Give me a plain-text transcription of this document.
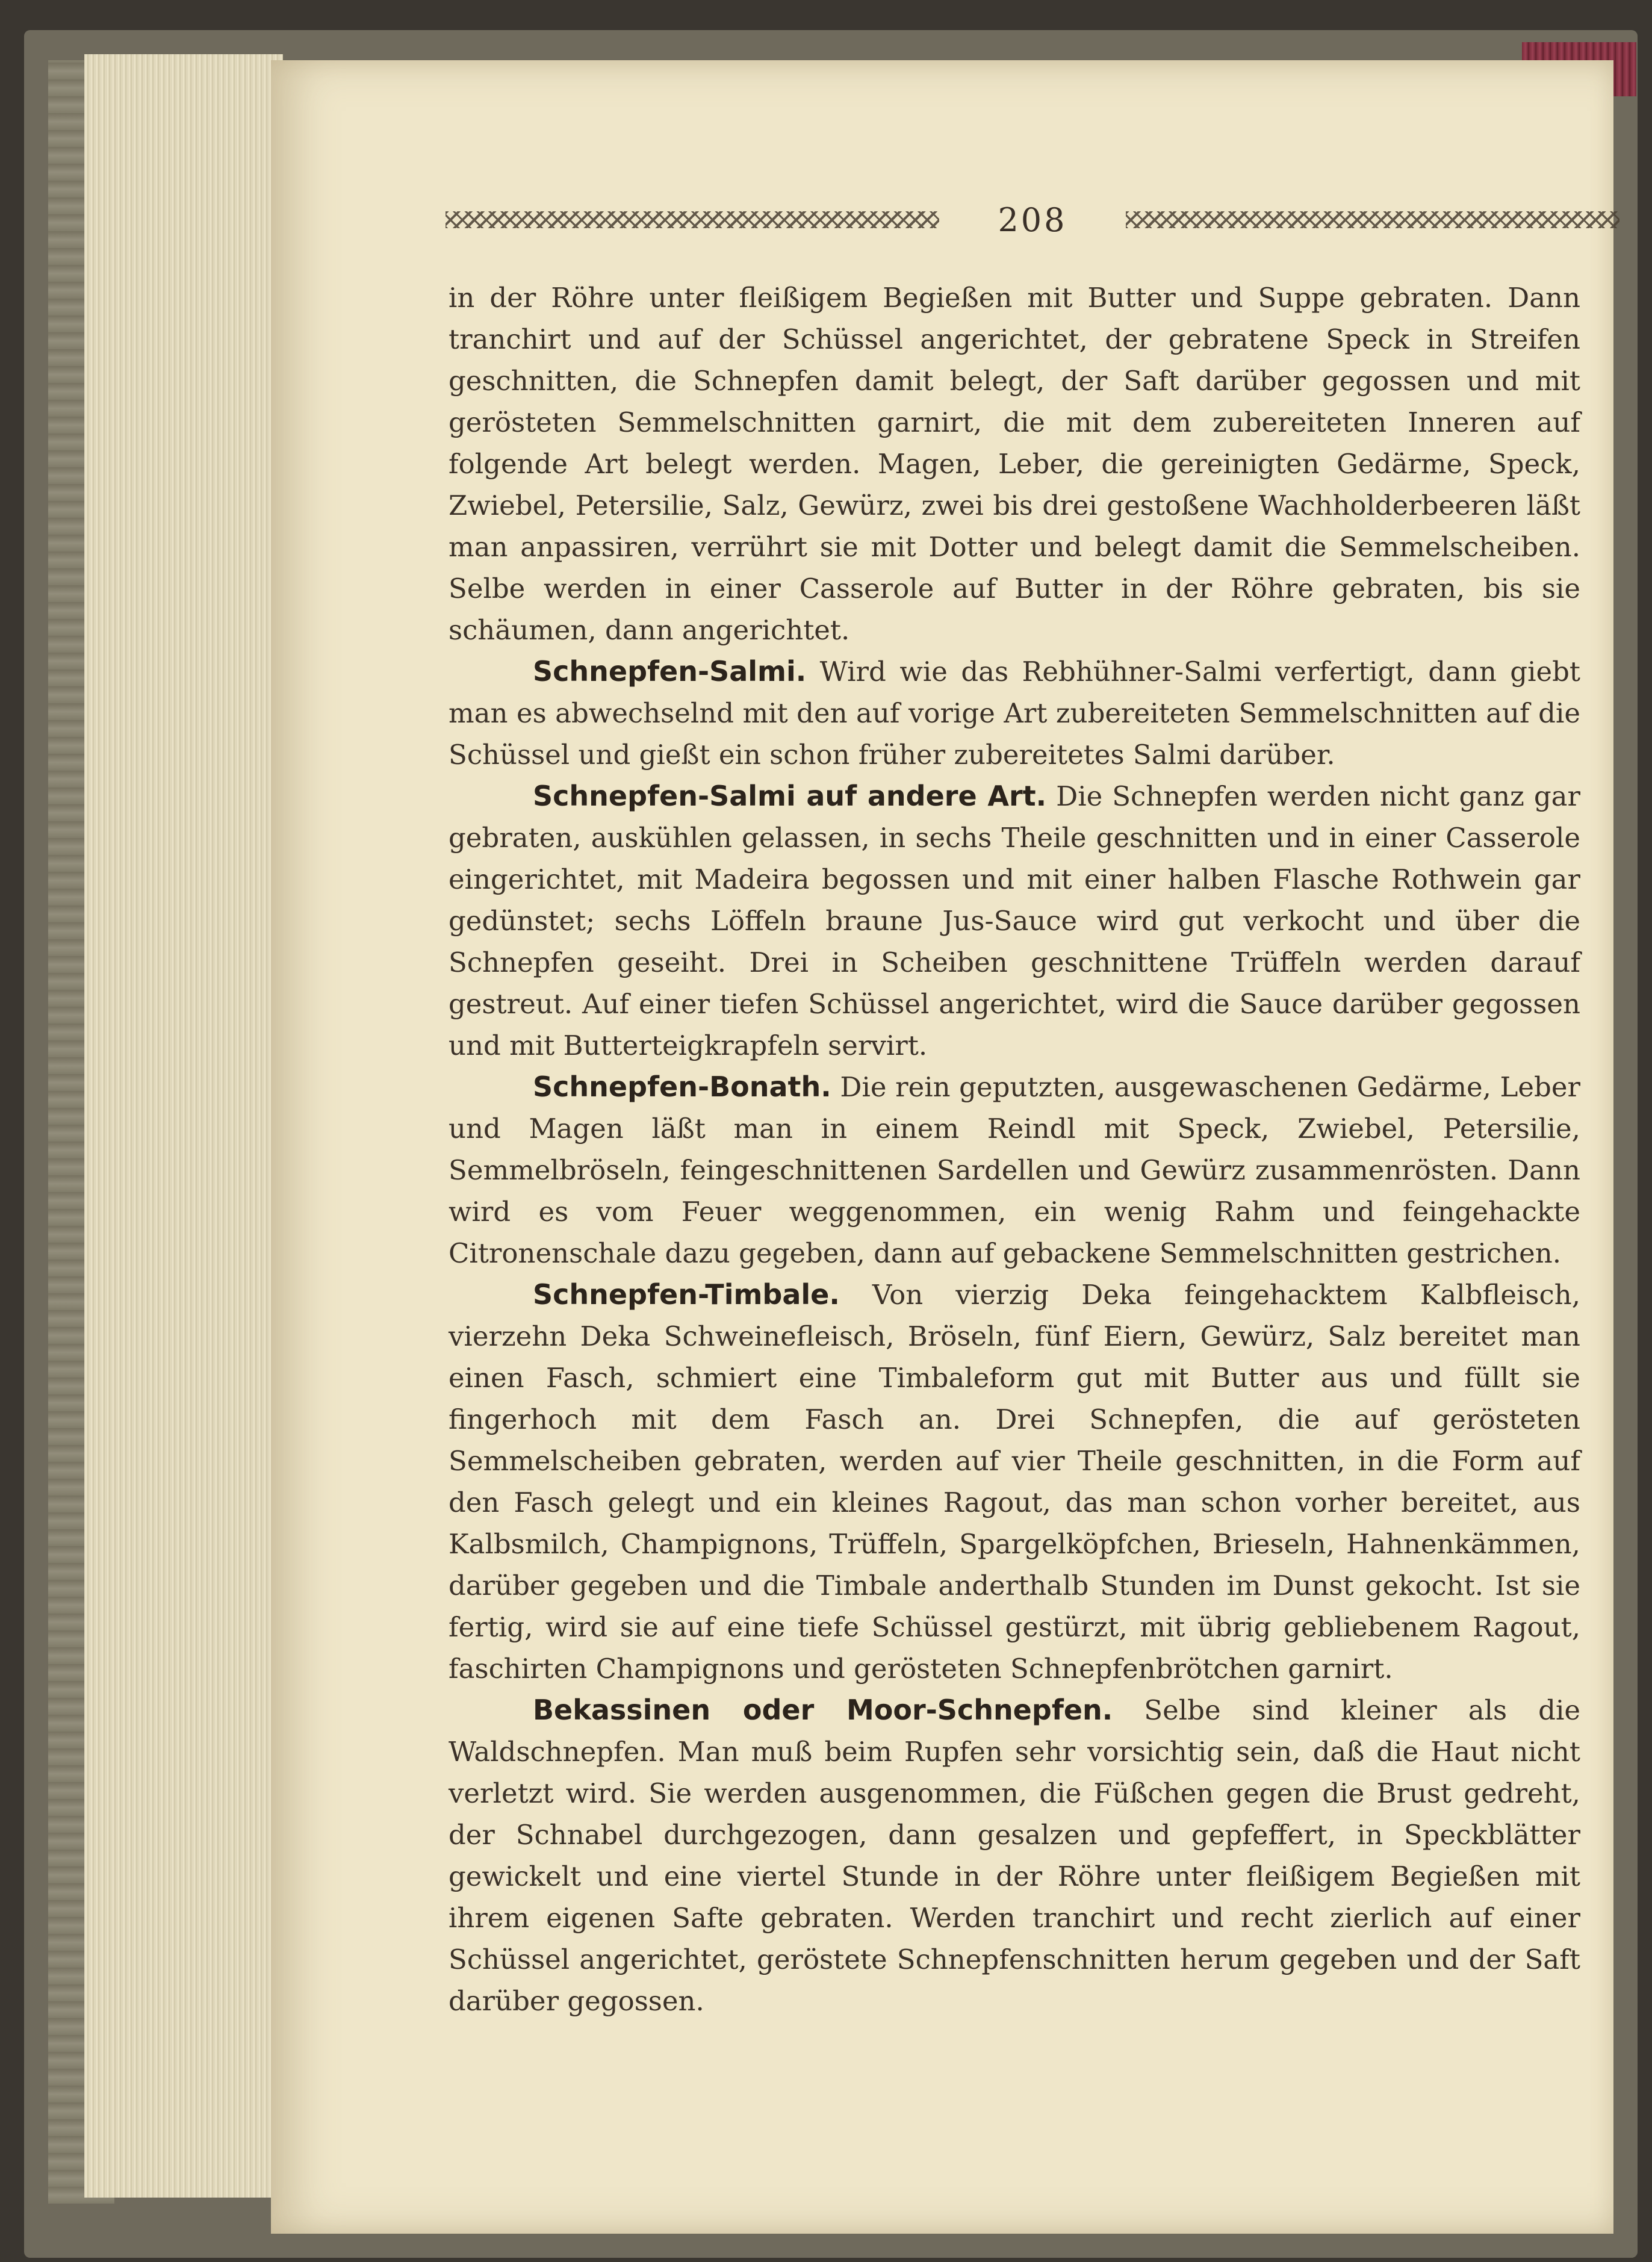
208

in der Röhre unter fleißigem Begießen mit Butter und Suppe gebraten. Dann tranchirt und auf der Schüssel angerichtet, der gebratene Speck in Streifen geschnitten, die Schnepfen damit belegt, der Saft darüber gegossen und mit gerösteten Semmelschnitten garnirt, die mit dem zubereiteten Inneren auf folgende Art belegt werden. Magen, Leber, die gereinigten Gedärme, Speck, Zwiebel, Petersilie, Salz, Gewürz, zwei bis drei gestoßene Wachholderbeeren läßt man anpassiren, verrührt sie mit Dotter und belegt damit die Semmelscheiben. Selbe werden in einer Casserole auf Butter in der Röhre gebraten, bis sie schäumen, dann angerichtet.

Schnepfen-Salmi. Wird wie das Rebhühner-Salmi verfertigt, dann giebt man es abwechselnd mit den auf vorige Art zubereiteten Semmelschnitten auf die Schüssel und gießt ein schon früher zubereitetes Salmi darüber.

Schnepfen-Salmi auf andere Art. Die Schnepfen werden nicht ganz gar gebraten, auskühlen gelassen, in sechs Theile geschnitten und in einer Casserole eingerichtet, mit Madeira begossen und mit einer halben Flasche Rothwein gar gedünstet; sechs Löffeln braune Jus-Sauce wird gut verkocht und über die Schnepfen geseiht. Drei in Scheiben geschnittene Trüffeln werden darauf gestreut. Auf einer tiefen Schüssel angerichtet, wird die Sauce darüber gegossen und mit Butterteigkrapfeln servirt.

Schnepfen-Bonath. Die rein geputzten, ausgewaschenen Gedärme, Leber und Magen läßt man in einem Reindl mit Speck, Zwiebel, Petersilie, Semmelbröseln, feingeschnittenen Sardellen und Gewürz zusammenrösten. Dann wird es vom Feuer weggenommen, ein wenig Rahm und feingehackte Citronenschale dazu gegeben, dann auf gebackene Semmelschnitten gestrichen.

Schnepfen-Timbale. Von vierzig Deka feingehacktem Kalbfleisch, vierzehn Deka Schweinefleisch, Bröseln, fünf Eiern, Gewürz, Salz bereitet man einen Fasch, schmiert eine Timbaleform gut mit Butter aus und füllt sie fingerhoch mit dem Fasch an. Drei Schnepfen, die auf gerösteten Semmelscheiben gebraten, werden auf vier Theile geschnitten, in die Form auf den Fasch gelegt und ein kleines Ragout, das man schon vorher bereitet, aus Kalbsmilch, Champignons, Trüffeln, Spargelköpfchen, Brieseln, Hahnenkämmen, darüber gegeben und die Timbale anderthalb Stunden im Dunst gekocht. Ist sie fertig, wird sie auf eine tiefe Schüssel gestürzt, mit übrig gebliebenem Ragout, faschirten Champignons und gerösteten Schnepfenbrötchen garnirt.

Bekassinen oder Moor-Schnepfen. Selbe sind kleiner als die Waldschnepfen. Man muß beim Rupfen sehr vorsichtig sein, daß die Haut nicht verletzt wird. Sie werden ausgenommen, die Füßchen gegen die Brust gedreht, der Schnabel durchgezogen, dann gesalzen und gepfeffert, in Speckblätter gewickelt und eine viertel Stunde in der Röhre unter fleißigem Begießen mit ihrem eigenen Safte gebraten. Werden tranchirt und recht zierlich auf einer Schüssel angerichtet, geröstete Schnepfenschnitten herum gegeben und der Saft darüber gegossen.
